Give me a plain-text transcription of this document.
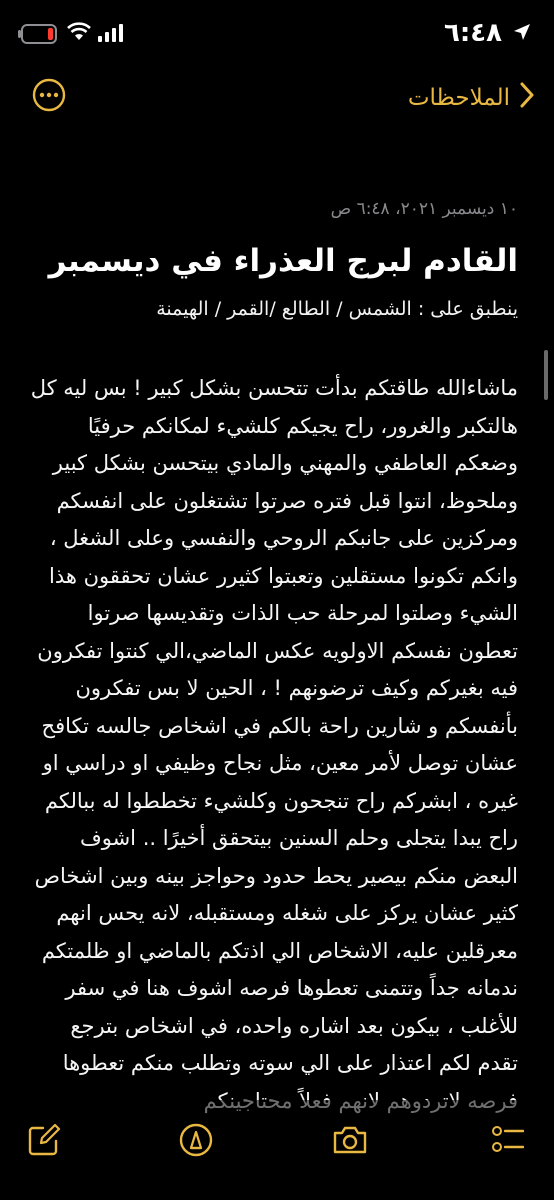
٦:٤٨
الملاحظات

١٠ ديسمبر ٢٠٢١، ٦:٤٨ ص

القادم لبرج العذراء في ديسمبر

ينطبق على : الشمس / الطالع /القمر / الهيمنة

ماشاءالله طاقتكم بدأت تتحسن بشكل كبير ! بس ليه كل هالتكبر والغرور، راح يجيكم كلشيء لمكانكم حرفيًا وضعكم العاطفي والمهني والمادي بيتحسن بشكل كبير وملحوظ، انتوا قبل فتره صرتوا تشتغلون على انفسكم ومركزين على جانبكم الروحي والنفسي وعلى الشغل ، وانكم تكونوا مستقلين وتعبتوا كثيرر عشان تحققون هذا الشيء وصلتوا لمرحلة حب الذات وتقديسها صرتوا تعطون نفسكم الاولويه عكس الماضي،الي كنتوا تفكرون فيه بغيركم وكيف ترضونهم ! ، الحين لا بس تفكرون بأنفسكم و شارين راحة بالكم في اشخاص جالسه تكافح عشان توصل لأمر معين، مثل نجاح وظيفي او دراسي او غيره ، ابشركم راح تنجحون وكلشيء تخططوا له ببالكم راح يبدا يتجلى وحلم السنين بيتحقق أخيرًا .. اشوف البعض منكم بيصير يحط حدود وحواجز بينه وبين اشخاص كثير عشان يركز على شغله ومستقبله، لانه يحس انهم معرقلين عليه، الاشخاص الي اذتكم بالماضي او ظلمتكم ندمانه جداً وتتمنى تعطوها فرصه اشوف هنا في سفر للأغلب ، بيكون بعد اشاره واحده، في اشخاص بترجع تقدم لكم اعتذار على الي سوته وتطلب منكم تعطوها
